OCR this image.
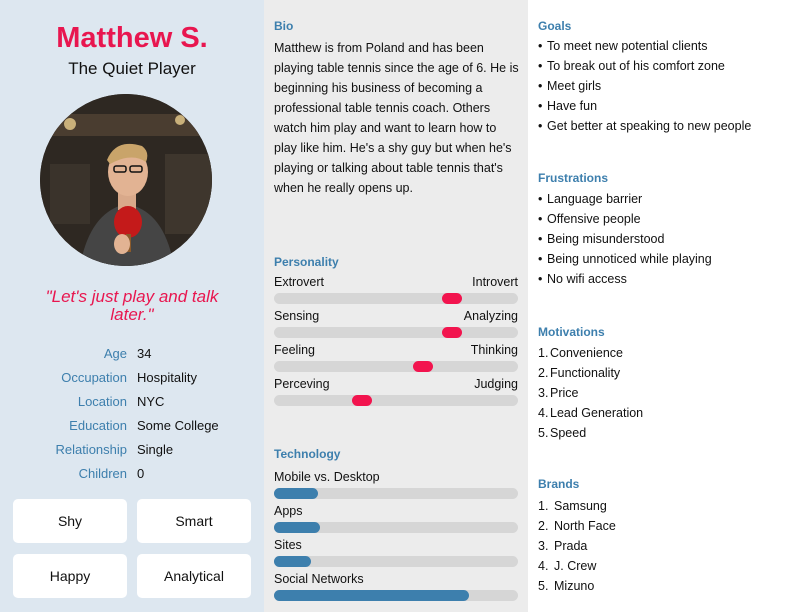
Matthew S.
The Quiet Player
"Let's just play and talk later."
Age 34
Occupation Hospitality
Location NYC
Education Some College
Relationship Single
Children 0
Shy	Smart
Happy	Analytical
Bio
Matthew is from Poland and has been playing table tennis since the age of 6. He is beginning his business of becoming a professional table tennis coach. Others watch him play and want to learn how to play like him. He's a shy guy but when he's playing or talking about table tennis that's when he really opens up.
Personality
Extrovert	Introvert
Sensing	Analyzing
Feeling	Thinking
Perceving	Judging
Technology
Mobile vs. Desktop
Apps
Sites
Social Networks
Goals
• To meet new potential clients
• To break out of his comfort zone
• Meet girls
• Have fun
• Get better at speaking to new people
Frustrations
• Language barrier
• Offensive people
• Being misunderstood
• Being unnoticed while playing
• No wifi access
Motivations
1. Convenience
2. Functionality
3. Price
4. Lead Generation
5. Speed
Brands
1. Samsung
2. North Face
3. Prada
4. J. Crew
5. Mizuno
